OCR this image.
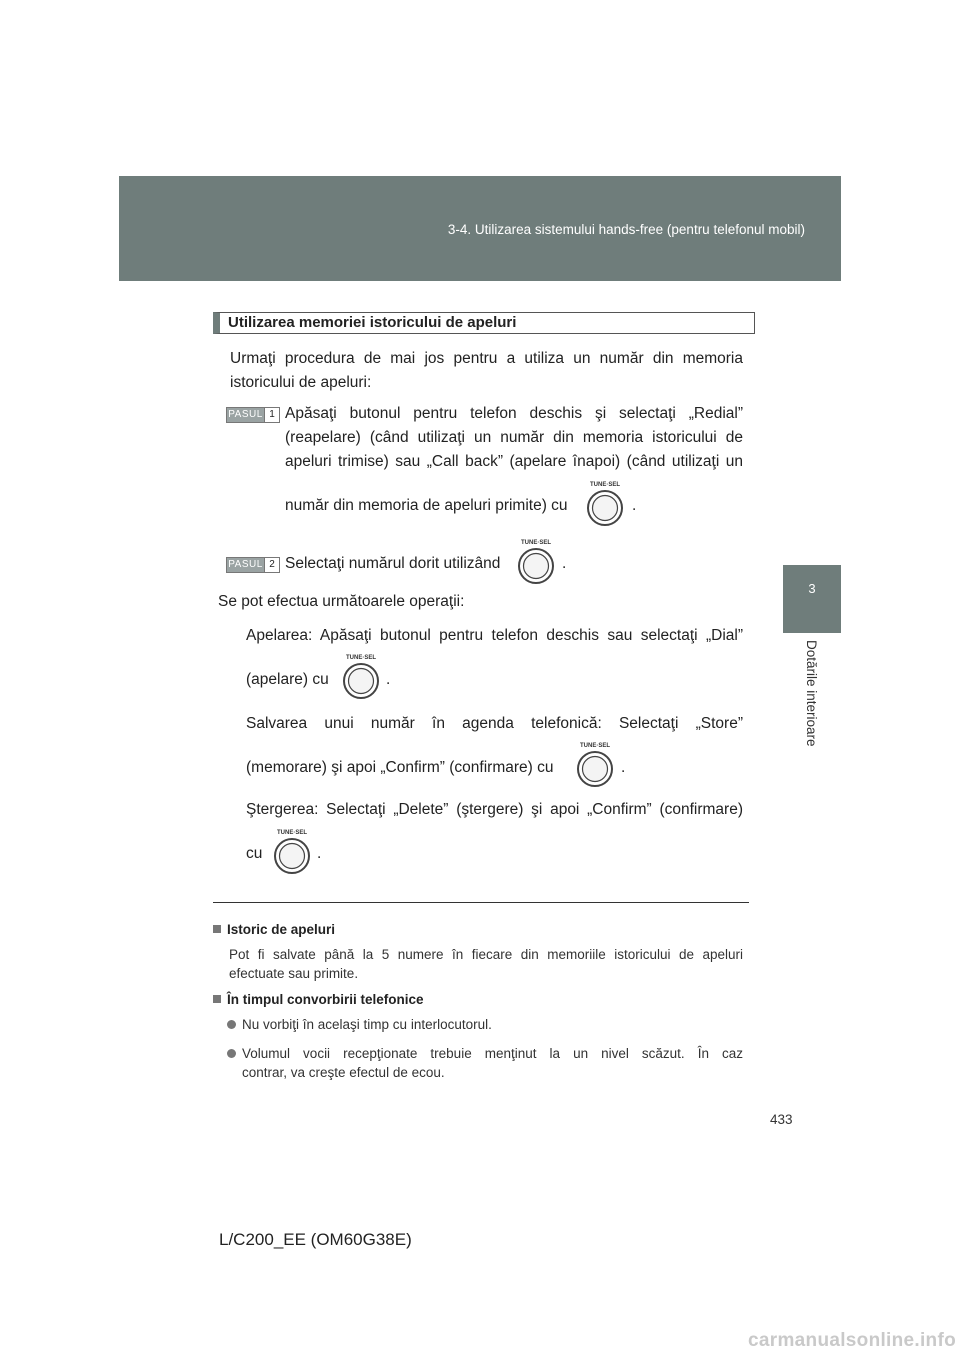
3-4. Utilizarea sistemului hands-free (pentru telefonul mobil)
3
Dotările interioare
Utilizarea memoriei istoricului de apeluri
Urmaţi procedura de mai jos pentru a utiliza un număr din memoria
istoricului de apeluri:
PASUL 1 Apăsaţi butonul pentru telefon deschis şi selectaţi „Redial”
(reapelare) (când utilizaţi un număr din memoria istoricului de
apeluri trimise) sau „Call back” (apelare înapoi) (când utilizaţi un
număr din memoria de apeluri primite) cu	.
PASUL 2 Selectaţi numărul dorit utilizând	.
Se pot efectua următoarele operaţii:
Apelarea: Apăsaţi butonul pentru telefon deschis sau selectaţi „Dial”
(apelare) cu	.
Salvarea unui număr în agenda telefonică: Selectaţi „Store”
(memorare) şi apoi „Confirm” (confirmare) cu	.
Ştergerea: Selectaţi „Delete” (ştergere) şi apoi „Confirm” (confirmare)
cu	.
Istoric de apeluri
Pot fi salvate până la 5 numere în fiecare din memoriile istoricului de apeluri
efectuate sau primite.
În timpul convorbirii telefonice
Nu vorbiţi în acelaşi timp cu interlocutorul.
Volumul vocii recepţionate trebuie menţinut la un nivel scăzut. În caz
contrar, va creşte efectul de ecou.
433
L/C200_EE (OM60G38E)
carmanualsonline.info
